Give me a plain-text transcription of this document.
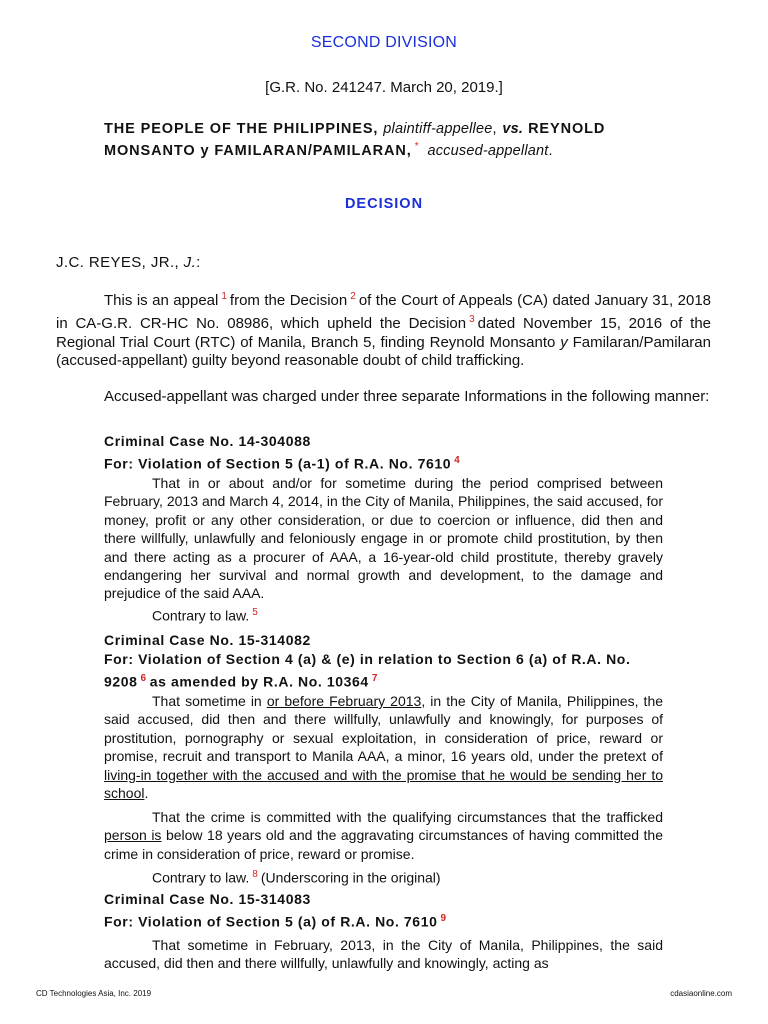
SECOND DIVISION
[G.R. No. 241247. March 20, 2019.]
THE PEOPLE OF THE PHILIPPINES, plaintiff-appellee, vs. REYNOLD MONSANTO y FAMILARAN/PAMILARAN, * accused-appellant.
DECISION
J.C. REYES, JR., J.:
This is an appeal $^1$ from the Decision $^2$ of the Court of Appeals (CA) dated January 31, 2018 in CA-G.R. CR-HC No. 08986, which upheld the Decision $^3$ dated November 15, 2016 of the Regional Trial Court (RTC) of Manila, Branch 5, finding Reynold Monsanto y Familaran/Pamilaran (accused-appellant) guilty beyond reasonable doubt of child trafficking.
Accused-appellant was charged under three separate Informations in the following manner:
Criminal Case No. 14-304088
For: Violation of Section 5 (a-1) of R.A. No. 7610 $^4$
That in or about and/or for sometime during the period comprised between February, 2013 and March 4, 2014, in the City of Manila, Philippines, the said accused, for money, profit or any other consideration, or due to coercion or influence, did then and there willfully, unlawfully and feloniously engage in or promote child prostitution, by then and there acting as a procurer of AAA, a 16-year-old child prostitute, thereby gravely endangering her survival and normal growth and development, to the damage and prejudice of the said AAA.
Contrary to law. $^5$
Criminal Case No. 15-314082
For: Violation of Section 4 (a) & (e) in relation to Section 6 (a) of R.A. No. 9208 $^6$ as amended by R.A. No. 10364 $^7$
That sometime in or before February 2013, in the City of Manila, Philippines, the said accused, did then and there willfully, unlawfully and knowingly, for purposes of prostitution, pornography or sexual exploitation, in consideration of price, reward or promise, recruit and transport to Manila AAA, a minor, 16 years old, under the pretext of living-in together with the accused and with the promise that he would be sending her to school.
That the crime is committed with the qualifying circumstances that the trafficked person is below 18 years old and the aggravating circumstances of having committed the crime in consideration of price, reward or promise.
Contrary to law. $^8$ (Underscoring in the original)
Criminal Case No. 15-314083
For: Violation of Section 5 (a) of R.A. No. 7610 $^9$
That sometime in February, 2013, in the City of Manila, Philippines, the said accused, did then and there willfully, unlawfully and knowingly, acting as
CD Technologies Asia, Inc. 2019	cdasiaonline.com
